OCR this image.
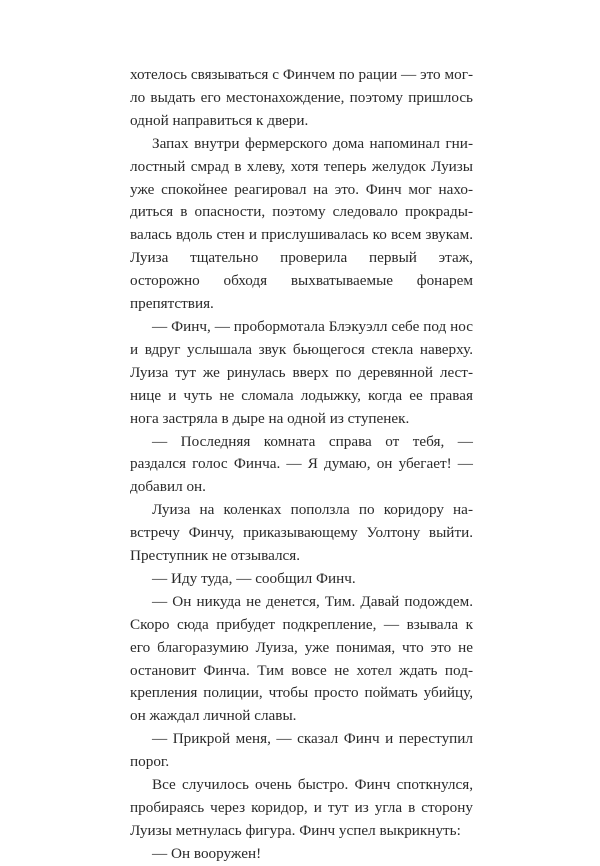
хотелось связываться с Финчем по рации — это могло выдать его местонахождение, поэтому пришлось одной направиться к двери.

Запах внутри фермерского дома напоминал гнилостный смрад в хлеву, хотя теперь желудок Луизы уже спокойнее реагировал на это. Финч мог находиться в опасности, поэтому следовало прокрадывалась вдоль стен и прислушивалась ко всем звукам. Луиза тщательно проверила первый этаж, осторожно обходя выхватываемые фонарем препятствия.

— Финч, — пробормотала Блэкуэлл себе под нос и вдруг услышала звук бьющегося стекла наверху. Луиза тут же ринулась вверх по деревянной лестнице и чуть не сломала лодыжку, когда ее правая нога застряла в дыре на одной из ступенек.

— Последняя комната справа от тебя, — раздался голос Финча. — Я думаю, он убегает! — добавил он.

Луиза на коленках поползла по коридору навстречу Финчу, приказывающему Уолтону выйти. Преступник не отзывался.

— Иду туда, — сообщил Финч.

— Он никуда не денется, Тим. Давай подождем. Скоро сюда прибудет подкрепление, — взывала к его благоразумию Луиза, уже понимая, что это не остановит Финча. Тим вовсе не хотел ждать подкрепления полиции, чтобы просто поймать убийцу, он жаждал личной славы.

— Прикрой меня, — сказал Финч и переступил порог.

Все случилось очень быстро. Финч споткнулся, пробираясь через коридор, и тут из угла в сторону Луизы метнулась фигура. Финч успел выкрикнуть:

— Он вооружен!
